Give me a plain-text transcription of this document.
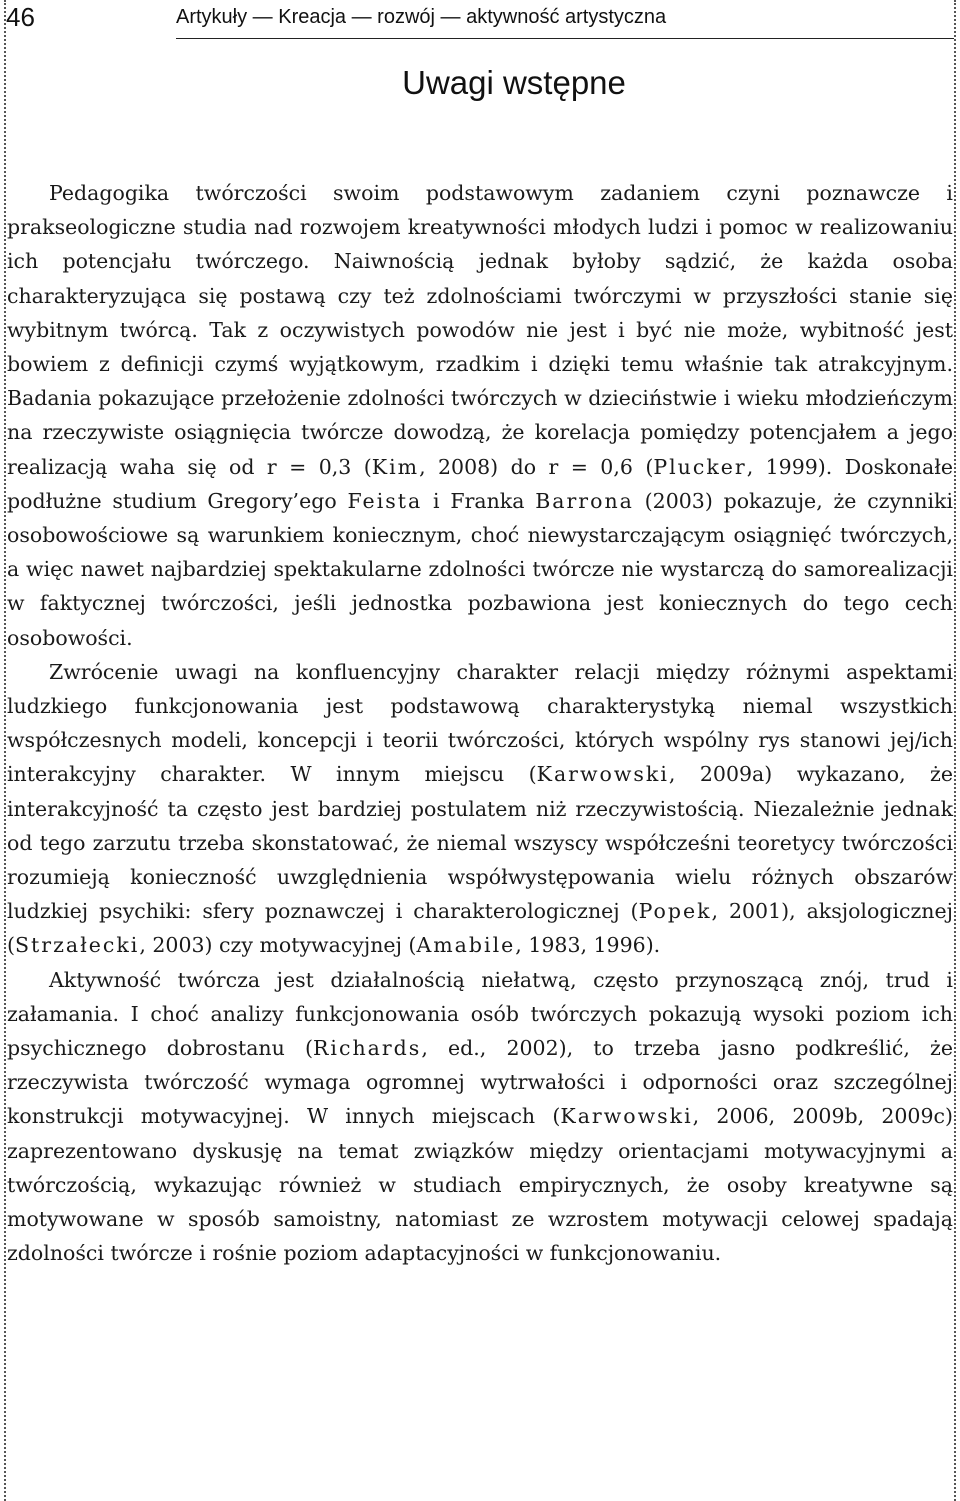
46	Artykuły — Kreacja — rozwój — aktywność artystyczna
Uwagi wstępne

Pedagogika twórczości swoim podstawowym zadaniem czyni poznawcze i prakseologiczne studia nad rozwojem kreatywności młodych ludzi i pomoc w realizowaniu ich potencjału twórczego. Naiwnością jednak byłoby sądzić, że każda osoba charakteryzująca się postawą czy też zdolnościami twórczymi w przyszłości stanie się wybitnym twórcą. Tak z oczywistych powodów nie jest i być nie może, wybitność jest bowiem z definicji czymś wyjątkowym, rzadkim i dzięki temu właśnie tak atrakcyjnym. Badania pokazujące przełożenie zdolności twórczych w dzieciństwie i wieku młodzieńczym na rzeczywiste osiągnięcia twórcze dowodzą, że korelacja pomiędzy potencjałem a jego realizacją waha się od r = 0,3 (Kim, 2008) do r = 0,6 (Plucker, 1999). Doskonałe podłużne studium Gregory’ego Feista i Franka Barrona (2003) pokazuje, że czynniki osobowościowe są warunkiem koniecznym, choć niewystarczającym osiągnięć twórczych, a więc nawet najbardziej spektakularne zdolności twórcze nie wystarczą do samorealizacji w faktycznej twórczości, jeśli jednostka pozbawiona jest koniecznych do tego cech osobowości.

Zwrócenie uwagi na konfluencyjny charakter relacji między różnymi aspektami ludzkiego funkcjonowania jest podstawową charakterystyką niemal wszystkich współczesnych modeli, koncepcji i teorii twórczości, których wspólny rys stanowi jej/ich interakcyjny charakter. W innym miejscu (Karwowski, 2009a) wykazano, że interakcyjność ta często jest bardziej postulatem niż rzeczywistością. Niezależnie jednak od tego zarzutu trzeba skonstatować, że niemal wszyscy współcześni teoretycy twórczości rozumieją konieczność uwzględnienia współwystępowania wielu różnych obszarów ludzkiej psychiki: sfery poznawczej i charakterologicznej (Popek, 2001), aksjologicznej (Strzałecki, 2003) czy motywacyjnej (Amabile, 1983, 1996).

Aktywność twórcza jest działalnością niełatwą, często przynoszącą znój, trud i załamania. I choć analizy funkcjonowania osób twórczych pokazują wysoki poziom ich psychicznego dobrostanu (Richards, ed., 2002), to trzeba jasno podkreślić, że rzeczywista twórczość wymaga ogromnej wytrwałości i odporności oraz szczególnej konstrukcji motywacyjnej. W innych miejscach (Karwowski, 2006, 2009b, 2009c) zaprezentowano dyskusję na temat związków między orientacjami motywacyjnymi a twórczością, wykazując również w studiach empirycznych, że osoby kreatywne są motywowane w sposób samoistny, natomiast ze wzrostem motywacji celowej spadają zdolności twórcze i rośnie poziom adaptacyjności w funkcjonowaniu.
